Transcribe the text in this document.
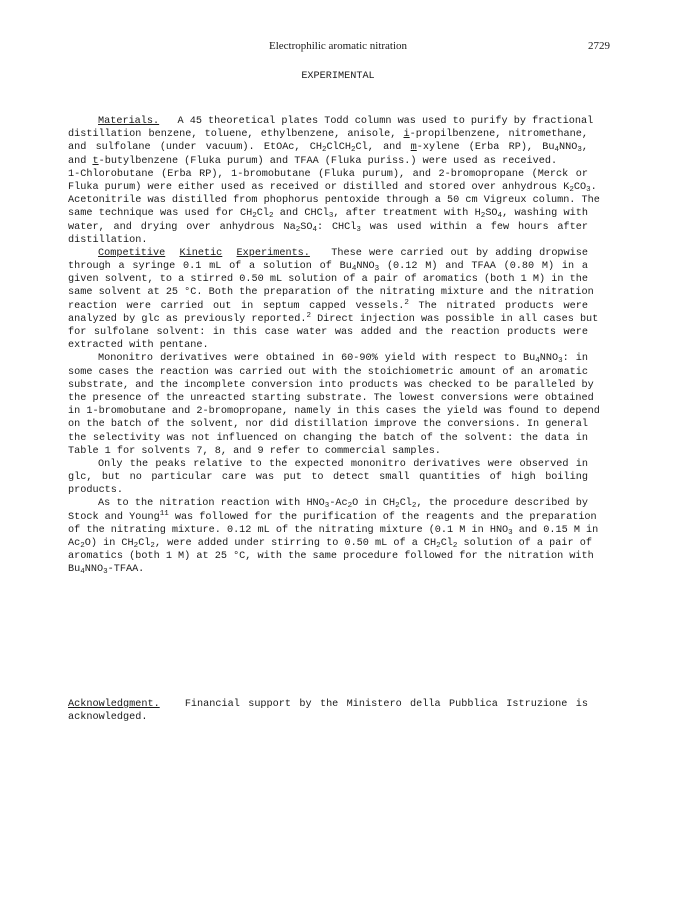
Electrophilic aromatic nitration	2729
EXPERIMENTAL
Materials. A 45 theoretical plates Todd column was used to purify by fractional
distillation benzene, toluene, ethylbenzene, anisole, i-propilbenzene, nitromethane,
and sulfolane (under vacuum). EtOAc, $CH_2ClCH_2Cl$, and m-xylene (Erba RP), $Bu_4NNO_3$,
and t-butylbenzene (Fluka purum) and TFAA (Fluka puriss.) were used as received.
1-Chlorobutane (Erba RP), 1-bromobutane (Fluka purum), and 2-bromopropane (Merck or
Fluka purum) were either used as received or distilled and stored over anhydrous $K_2CO_3$.
Acetonitrile was distilled from phophorus pentoxide through a 50 cm Vigreux column. The
same technique was used for $CH_2Cl_2$ and CHCl$_3$, after treatment with $H_2SO_4$, washing with
water, and drying over anhydrous $Na_2SO_4$: CHCl$_3$ was used within a few hours after
distillation.
Competitive Kinetic Experiments. These were carried out by adding dropwise
through a syringe 0.1 mL of a solution of $Bu_4NNO_3$ (0.12 M) and TFAA (0.80 M) in a
given solvent, to a stirred 0.50 mL solution of a pair of aromatics (both 1 M) in the
same solvent at 25 °C. Both the preparation of the nitrating mixture and the nitration
reaction were carried out in septum capped vessels.$^2$ The nitrated products were
analyzed by glc as previously reported.$^2$ Direct injection was possible in all cases but
for sulfolane solvent: in this case water was added and the reaction products were
extracted with pentane.
Mononitro derivatives were obtained in 60-90% yield with respect to $Bu_4NNO_3$: in
some cases the reaction was carried out with the stoichiometric amount of an aromatic
substrate, and the incomplete conversion into products was checked to be paralleled by
the presence of the unreacted starting substrate. The lowest conversions were obtained
in 1-bromobutane and 2-bromopropane, namely in this cases the yield was found to depend
on the batch of the solvent, nor did distillation improve the conversions. In general
the selectivity was not influenced on changing the batch of the solvent: the data in
Table 1 for solvents 7, 8, and 9 refer to commercial samples.
Only the peaks relative to the expected mononitro derivatives were observed in
glc, but no particular care was put to detect small quantities of high boiling
products.
As to the nitration reaction with $HNO_3-Ac_2O$ in $CH_2Cl_2$, the procedure described by
Stock and Young$^{11}$ was followed for the purification of the reagents and the preparation
of the nitrating mixture. 0.12 mL of the nitrating mixture (0.1 M in $HNO_3$ and 0.15 M in
$Ac_2O$) in $CH_2Cl_2$, were added under stirring to 0.50 mL of a $CH_2Cl_2$ solution of a pair of
aromatics (both 1 M) at 25 °C, with the same procedure followed for the nitration with
$Bu_4NNO_3$-TFAA.
Acknowledgment. Financial support by the Ministero della Pubblica Istruzione is
acknowledged.
